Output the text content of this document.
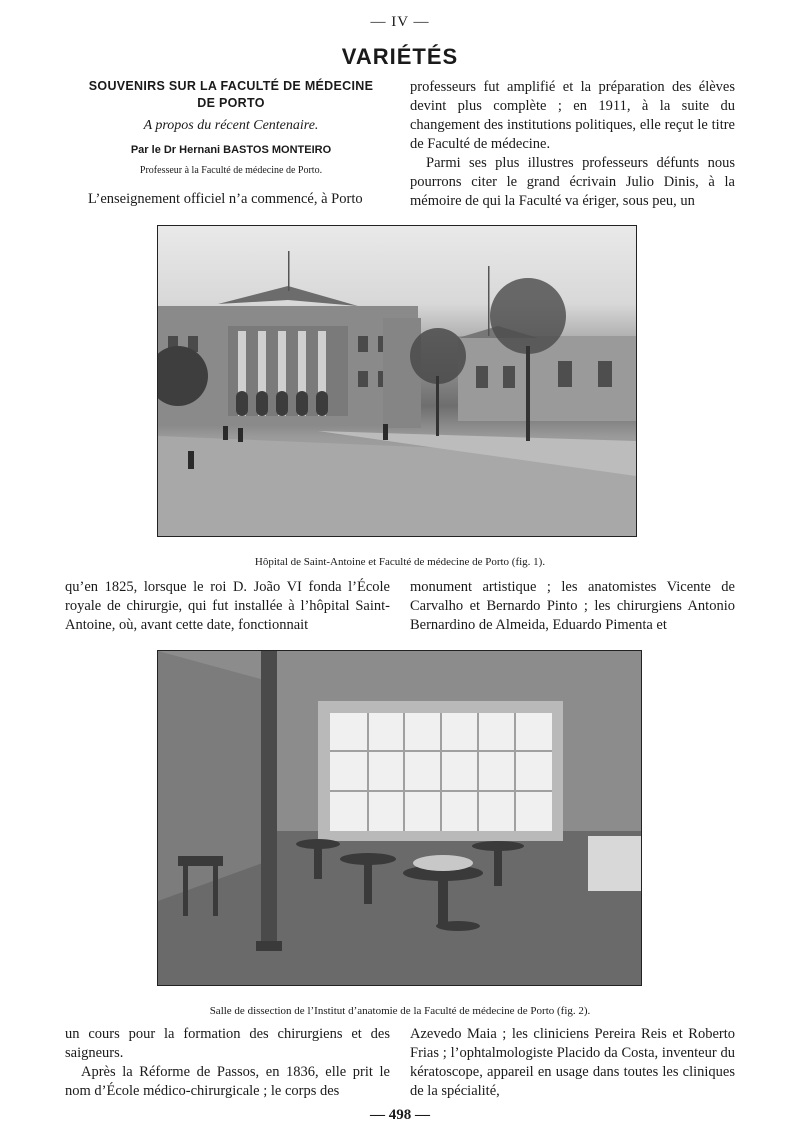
— IV —
VARIÉTÉS

SOUVENIRS SUR LA FACULTÉ DE MÉDECINE

DE PORTO

A propos du récent Centenaire.

Par le Dr Hernani BASTOS MONTEIRO

Professeur à la Faculté de médecine de Porto.

L’enseignement officiel n’a commencé, à Porto

professeurs fut amplifié et la préparation des élèves devint plus complète ; en 1911, à la suite du changement des institutions politiques, elle reçut le titre de Faculté de médecine.

Parmi ses plus illustres professeurs défunts nous pourrons citer le grand écrivain Julio Dinis, à la mémoire de qui la Faculté va ériger, sous peu, un

Hôpital de Saint-Antoine et Faculté de médecine de Porto (fig. 1).

qu’en 1825, lorsque le roi D. João VI fonda l’École royale de chirurgie, qui fut installée à l’hôpital Saint-Antoine, où, avant cette date, fonctionnait

monument artistique ; les anatomistes Vicente de Carvalho et Bernardo Pinto ; les chirurgiens Antonio Bernardino de Almeida, Eduardo Pimenta et

Salle de dissection de l’Institut d’anatomie de la Faculté de médecine de Porto (fig. 2).

un cours pour la formation des chirurgiens et des saigneurs.

Après la Réforme de Passos, en 1836, elle prit le nom d’École médico-chirurgicale ; le corps des

Azevedo Maia ; les cliniciens Pereira Reis et Roberto Frias ; l’ophtalmologiste Placido da Costa, inventeur du kératoscope, appareil en usage dans toutes les cliniques de la spécialité,

— 498 —
